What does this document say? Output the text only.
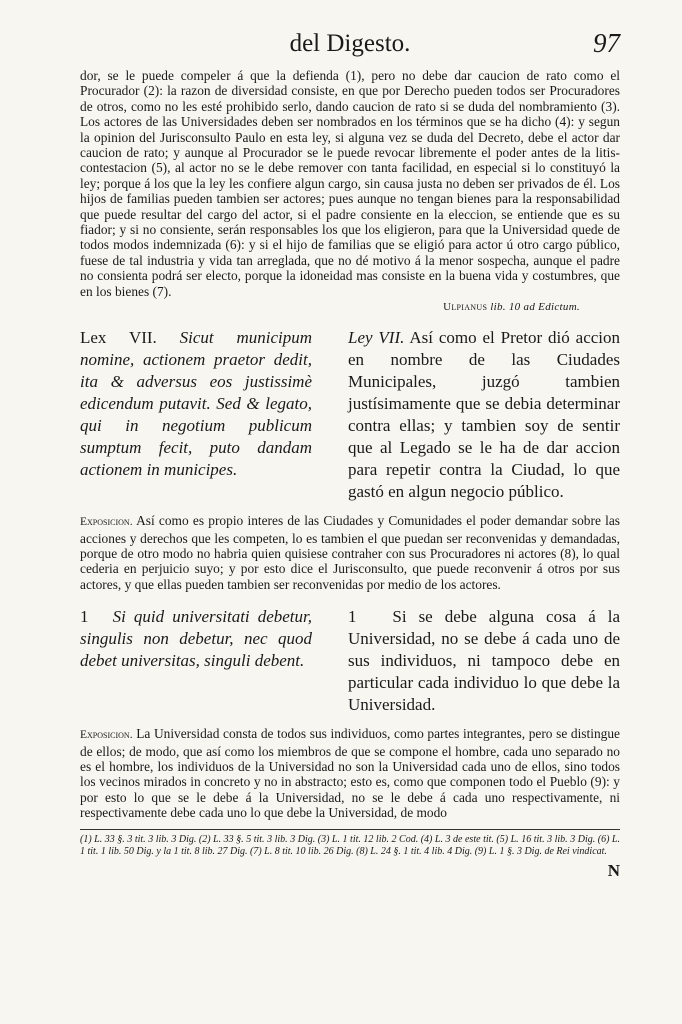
del Digesto.	97

dor, se le puede compeler á que la defienda (1), pero no debe dar caucion de rato como el Procurador (2): la razon de diversidad consiste, en que por Derecho pueden todos ser Procuradores de otros, como no les esté prohibido serlo, dando caucion de rato si se duda del nombramiento (3). Los actores de las Universidades deben ser nombrados en los términos que se ha dicho (4): y segun la opinion del Jurisconsulto Paulo en esta ley, si alguna vez se duda del Decreto, debe el actor dar caucion de rato; y aunque al Procurador se le puede revocar libremente el poder antes de la litis-contestacion (5), al actor no se le debe remover con tanta facilidad, en especial si lo constituyó la ley; porque á los que la ley les confiere algun cargo, sin causa justa no deben ser privados de él. Los hijos de familias pueden tambien ser actores; pues aunque no tengan bienes para la responsabilidad que puede resultar del cargo del actor, si el padre consiente en la eleccion, se entiende que es su fiador; y si no consiente, serán responsables los que los eligieron, para que la Universidad quede de todos modos indemnizada (6): y si el hijo de familias que se eligió para actor ú otro cargo público, fuese de tal industria y vida tan arreglada, que no dé motivo á la menor sospecha, aunque el padre no consienta podrá ser electo, porque la idoneidad mas consiste en la buena vida y costumbres, que en los bienes (7).

Ulpianus lib. 10 ad Edictum.
Lex VII. Sicut municipum nomine, actionem praetor dedit, ita & adversus eos justissimè edicendum putavit. Sed & legato, qui in negotium publicum sumptum fecit, puto dandam actionem in municipes.
Ley VII. Así como el Pretor dió accion en nombre de las Ciudades Municipales, juzgó tambien justísimamente que se debia determinar contra ellas; y tambien soy de sentir que al Legado se le ha de dar accion para repetir contra la Ciudad, lo que gastó en algun negocio público.

Exposicion. Así como es propio interes de las Ciudades y Comunidades el poder demandar sobre las acciones y derechos que les competen, lo es tambien el que puedan ser reconvenidas y demandadas, porque de otro modo no habria quien quisiese contraher con sus Procuradores ni actores (8), lo qual cederia en perjuicio suyo; y por esto dice el Jurisconsulto, que puede reconvenir á otros por sus actores, y que ellas pueden tambien ser reconvenidas por medio de los actores.

1 Si quid universitati debetur, singulis non debetur, nec quod debet universitas, singuli debent.
1 Si se debe alguna cosa á la Universidad, no se debe á cada uno de sus individuos, ni tampoco debe en particular cada individuo lo que debe la Universidad.

Exposicion. La Universidad consta de todos sus individuos, como partes integrantes, pero se distingue de ellos; de modo, que así como los miembros de que se compone el hombre, cada uno separado no es el hombre, los individuos de la Universidad no son la Universidad cada uno de ellos, sino todos los vecinos mirados in concreto y no in abstracto; esto es, como que componen todo el Pueblo (9): y por esto lo que se le debe á la Universidad, no se le debe á cada uno respectivamente, ni respectivamente debe cada uno lo que debe la Universidad, de modo

(1) L. 33 §. 3 tit. 3 lib. 3 Dig. (2) L. 33 §. 5 tit. 3 lib. 3 Dig. (3) L. 1 tit. 12 lib. 2 Cod. (4) L. 3 de este tit. (5) L. 16 tit. 3 lib. 3 Dig. (6) L. 1 tit. 1 lib. 50 Dig. y la 1 tit. 8 lib. 27 Dig. (7) L. 8 tit. 10 lib. 26 Dig. (8) L. 24 §. 1 tit. 4 lib. 4 Dig. (9) L. 1 §. 3 Dig. de Rei vindicat.

N
